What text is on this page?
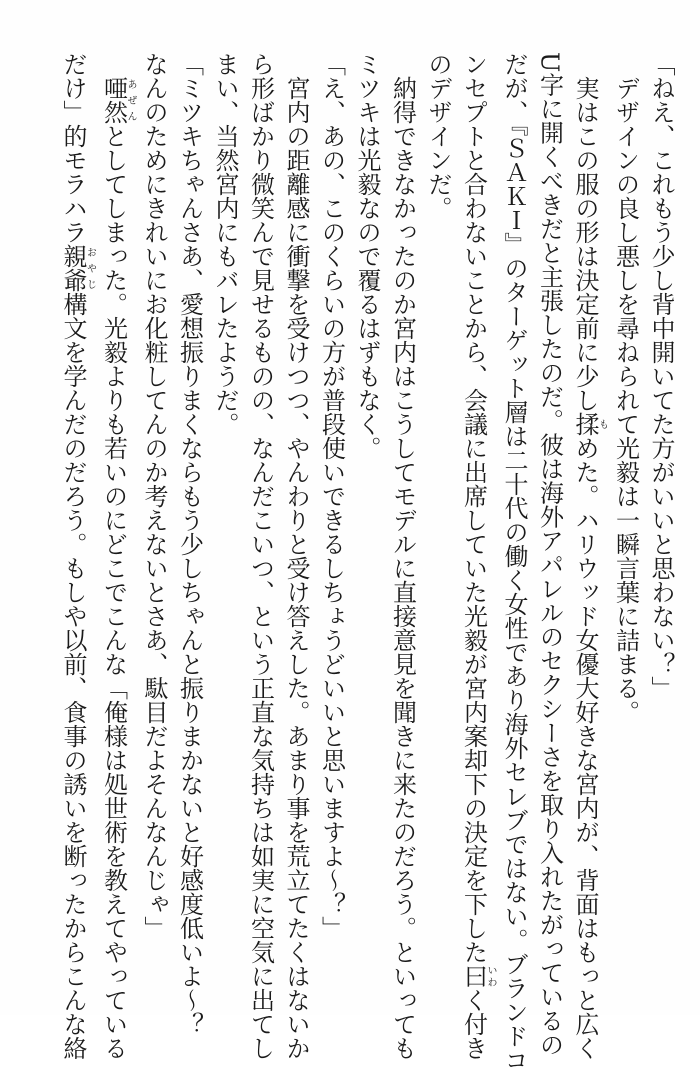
「ねえ、これもう少し背中開いてた方がいいと思わない？」
　デザインの良し悪しを尋ねられて光毅は一瞬言葉に詰まる。
　実はこの服の形は決定前に少し揉もめた。ハリウッド女優大好きな宮内が、背面はもっと広く
U字に開くべきだと主張したのだ。彼は海外アパレルのセクシーさを取り入れたがっているの
だが、『ＳＡＫＩ』のターゲット層は二十代の働く女性であり海外セレブではない。ブランドコ
ンセプトと合わないことから、会議に出席していた光毅が宮内案却下の決定を下した曰いわく付き
のデザインだ。
　納得できなかったのか宮内はこうしてモデルに直接意見を聞きに来たのだろう。といっても
ミツキは光毅なので覆るはずもなく。
「え、あの、このくらいの方が普段使いできるしちょうどいいと思いますよ～？」
　宮内の距離感に衝撃を受けつつ、やんわりと受け答えした。あまり事を荒立てたくはないか
ら形ばかり微笑んで見せるものの、なんだこいつ、という正直な気持ちは如実に空気に出てし
まい、当然宮内にもバレたようだ。
「ミツキちゃんさあ、愛想振りまくならもう少しちゃんと振りまかないと好感度低いよ～？
なんのためにきれいにお化粧してんのか考えないとさあ、駄目だよそんなんじゃ」
　唖然あぜんとしてしまった。光毅よりも若いのにどこでこんな「俺様は処世術を教えてやっている
だけ」的モラハラ親爺おやじ構文を学んだのだろう。もしや以前、食事の誘いを断ったからこんな絡
